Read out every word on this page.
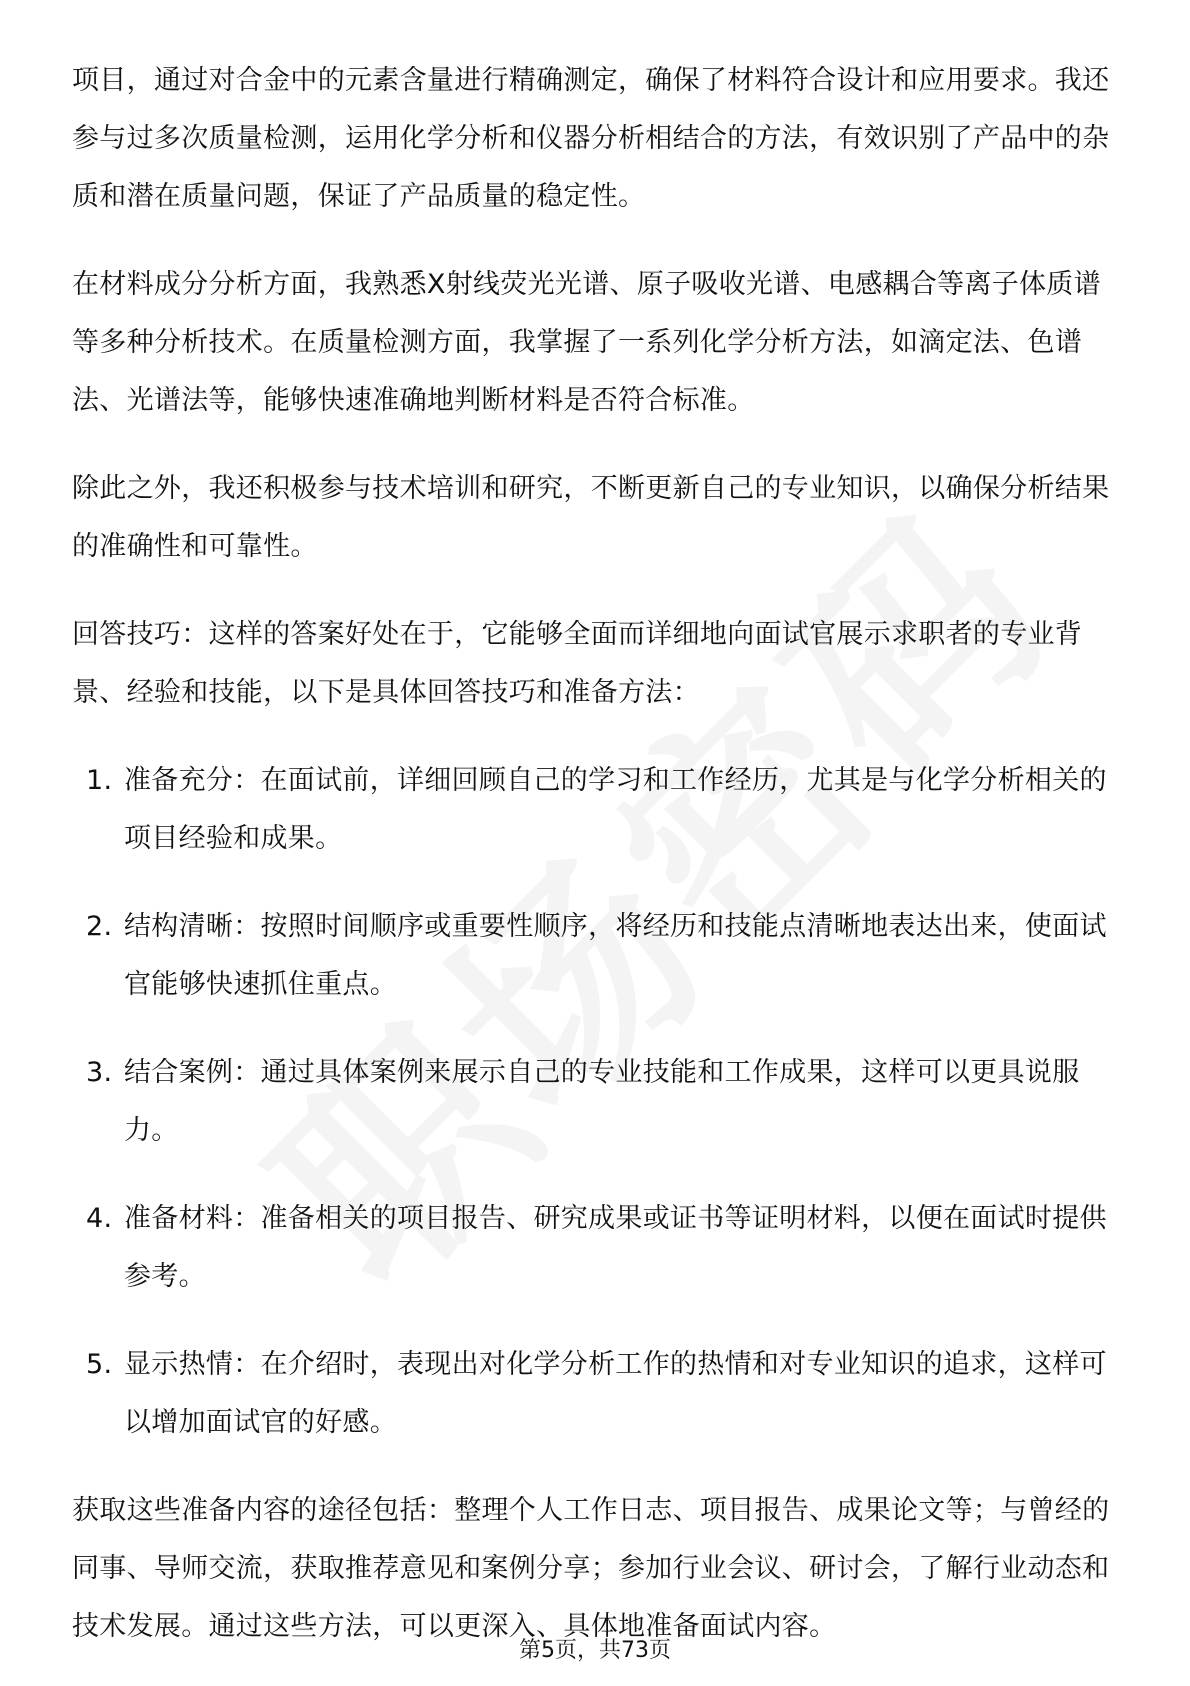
项目，通过对合金中的元素含量进行精确测定，确保了材料符合设计和应用要求。我还参与过多次质量检测，运用化学分析和仪器分析相结合的方法，有效识别了产品中的杂质和潜在质量问题，保证了产品质量的稳定性。

在材料成分分析方面，我熟悉X射线荧光光谱、原子吸收光谱、电感耦合等离子体质谱等多种分析技术。在质量检测方面，我掌握了一系列化学分析方法，如滴定法、色谱法、光谱法等，能够快速准确地判断材料是否符合标准。

除此之外，我还积极参与技术培训和研究，不断更新自己的专业知识，以确保分析结果的准确性和可靠性。

回答技巧：这样的答案好处在于，它能够全面而详细地向面试官展示求职者的专业背景、经验和技能，以下是具体回答技巧和准备方法：

1. 准备充分：在面试前，详细回顾自己的学习和工作经历，尤其是与化学分析相关的项目经验和成果。
2. 结构清晰：按照时间顺序或重要性顺序，将经历和技能点清晰地表达出来，使面试官能够快速抓住重点。
3. 结合案例：通过具体案例来展示自己的专业技能和工作成果，这样可以更具说服力。
4. 准备材料：准备相关的项目报告、研究成果或证书等证明材料，以便在面试时提供参考。
5. 显示热情：在介绍时，表现出对化学分析工作的热情和对专业知识的追求，这样可以增加面试官的好感。

获取这些准备内容的途径包括：整理个人工作日志、项目报告、成果论文等；与曾经的同事、导师交流，获取推荐意见和案例分享；参加行业会议、研讨会，了解行业动态和技术发展。通过这些方法，可以更深入、具体地准备面试内容。

第5页，共73页
